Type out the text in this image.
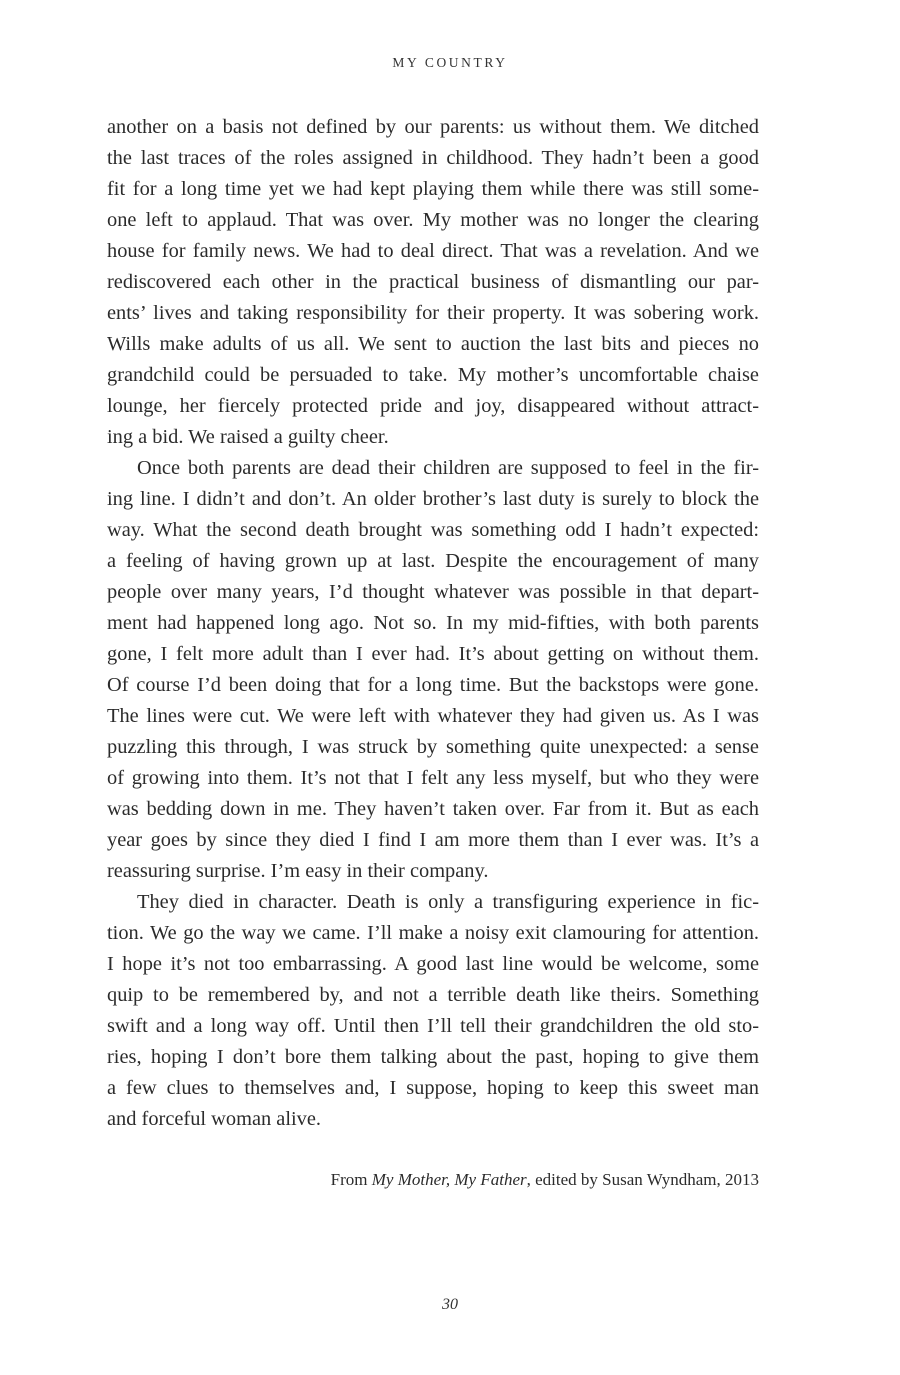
MY COUNTRY

another on a basis not defined by our parents: us without them. We ditched
the last traces of the roles assigned in childhood. They hadn’t been a good
fit for a long time yet we had kept playing them while there was still some-
one left to applaud. That was over. My mother was no longer the clearing
house for family news. We had to deal direct. That was a revelation. And we
rediscovered each other in the practical business of dismantling our par-
ents’ lives and taking responsibility for their property. It was sobering work.
Wills make adults of us all. We sent to auction the last bits and pieces no
grandchild could be persuaded to take. My mother’s uncomfortable chaise
lounge, her fiercely protected pride and joy, disappeared without attract-
ing a bid. We raised a guilty cheer.

Once both parents are dead their children are supposed to feel in the fir-
ing line. I didn’t and don’t. An older brother’s last duty is surely to block the
way. What the second death brought was something odd I hadn’t expected:
a feeling of having grown up at last. Despite the encouragement of many
people over many years, I’d thought whatever was possible in that depart-
ment had happened long ago. Not so. In my mid-fifties, with both parents
gone, I felt more adult than I ever had. It’s about getting on without them.
Of course I’d been doing that for a long time. But the backstops were gone.
The lines were cut. We were left with whatever they had given us. As I was
puzzling this through, I was struck by something quite unexpected: a sense
of growing into them. It’s not that I felt any less myself, but who they were
was bedding down in me. They haven’t taken over. Far from it. But as each
year goes by since they died I find I am more them than I ever was. It’s a
reassuring surprise. I’m easy in their company.

They died in character. Death is only a transfiguring experience in fic-
tion. We go the way we came. I’ll make a noisy exit clamouring for attention.
I hope it’s not too embarrassing. A good last line would be welcome, some
quip to be remembered by, and not a terrible death like theirs. Something
swift and a long way off. Until then I’ll tell their grandchildren the old sto-
ries, hoping I don’t bore them talking about the past, hoping to give them
a few clues to themselves and, I suppose, hoping to keep this sweet man
and forceful woman alive.

From My Mother, My Father, edited by Susan Wyndham, 2013
30
